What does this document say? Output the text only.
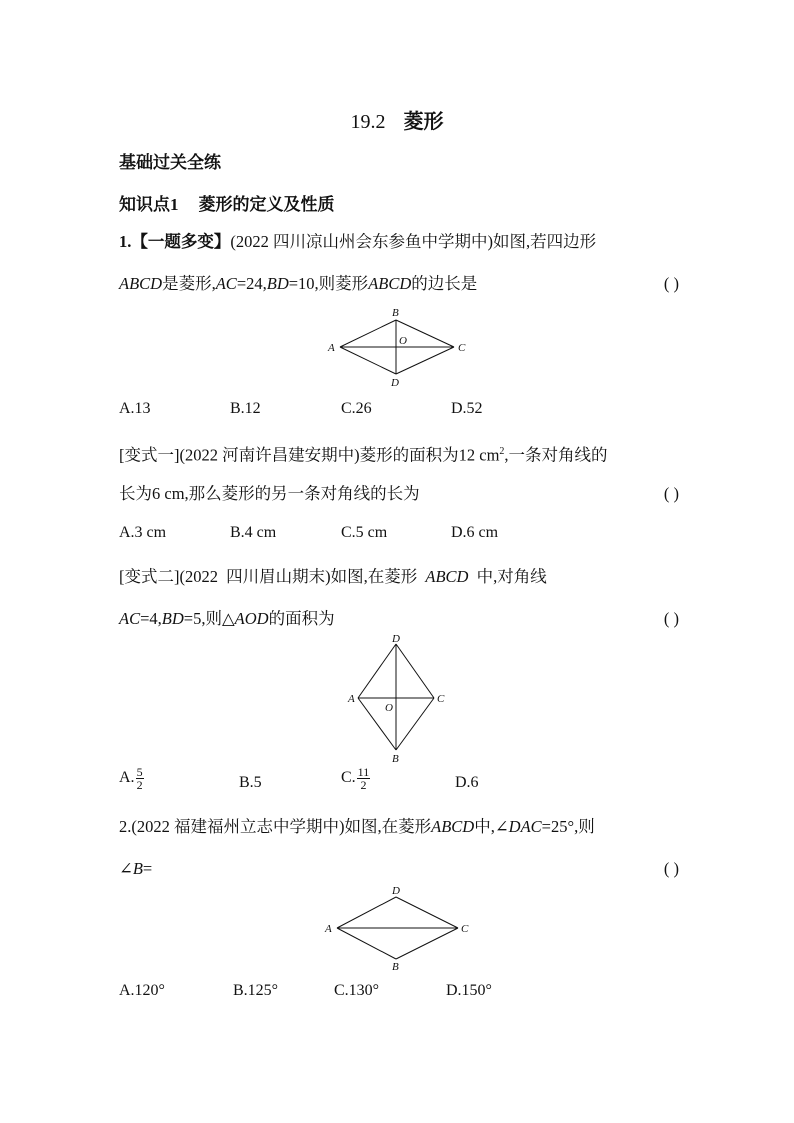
19.2 菱形
基础过关全练
知识点1 菱形的定义及性质
1.【一题多变】(2022 四川凉山州会东参鱼中学期中)如图,若四边形
ABCD是菱形,AC=24,BD=10,则菱形ABCD的边长是	( )
A
B
C
D
O
A.13	B.12	C.26	D.52
[变式一](2022 河南许昌建安期中)菱形的面积为12 $cm^2$,一条对角线的
长为6 cm,那么菱形的另一条对角线的长为	( )
A.3 cm	B.4 cm	C.5 cm	D.6 cm
[变式二](2022 四川眉山期末)如图,在菱形 ABCD 中,对角线
AC=4,BD=5,则△AOD的面积为	( )
A
B
C
D
O
A. $\frac{5}{2}$	B.5	C. $\frac{11}{2}$	D.6
2.(2022 福建福州立志中学期中)如图,在菱形ABCD中,∠DAC=25°,则
∠B=	( )
A
B
C
D
A.120°	B.125°	C.130°	D.150°
